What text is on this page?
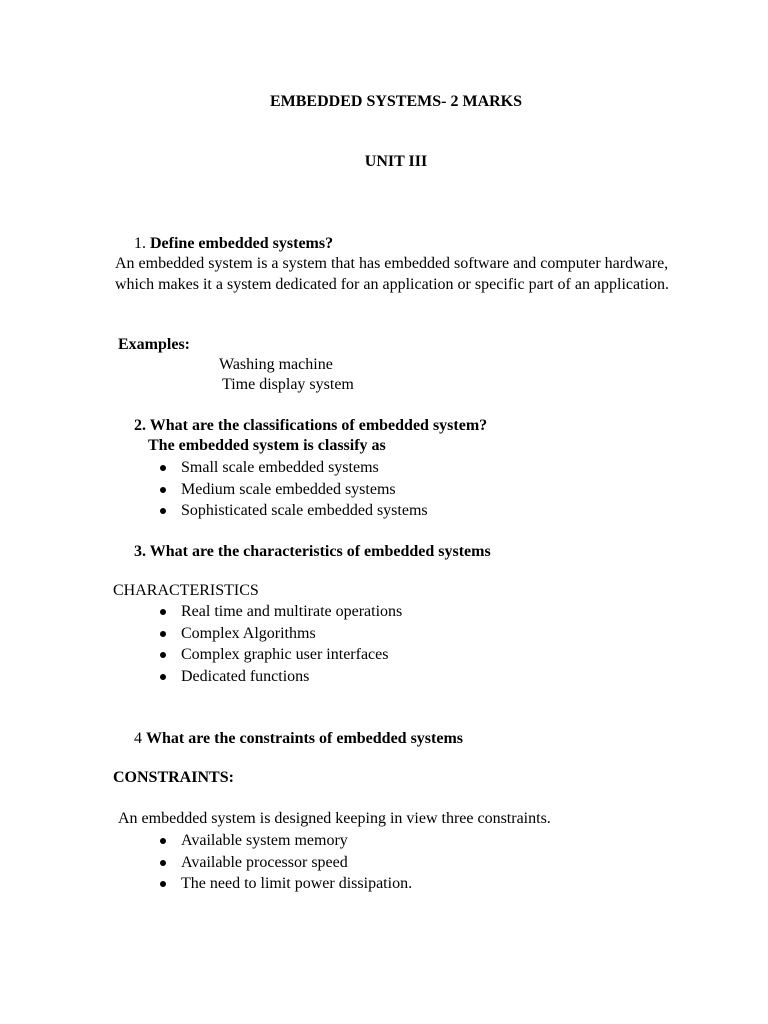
EMBEDDED SYSTEMS- 2 MARKS
UNIT III
1. Define embedded systems?
An embedded system is a system that has embedded software and computer hardware, which makes it a system dedicated for an application or specific part of an application.
Examples:
Washing machine
Time display system
2. What are the classifications of embedded system?
The embedded system is classify as
Small scale embedded systems
Medium scale embedded systems
Sophisticated scale embedded systems
3. What are the characteristics of embedded systems
CHARACTERISTICS
Real time and multirate operations
Complex Algorithms
Complex graphic user interfaces
Dedicated functions
4 What are the constraints of embedded systems
CONSTRAINTS:
An embedded system is designed keeping in view three constraints.
Available system memory
Available processor speed
The need to limit power dissipation.
